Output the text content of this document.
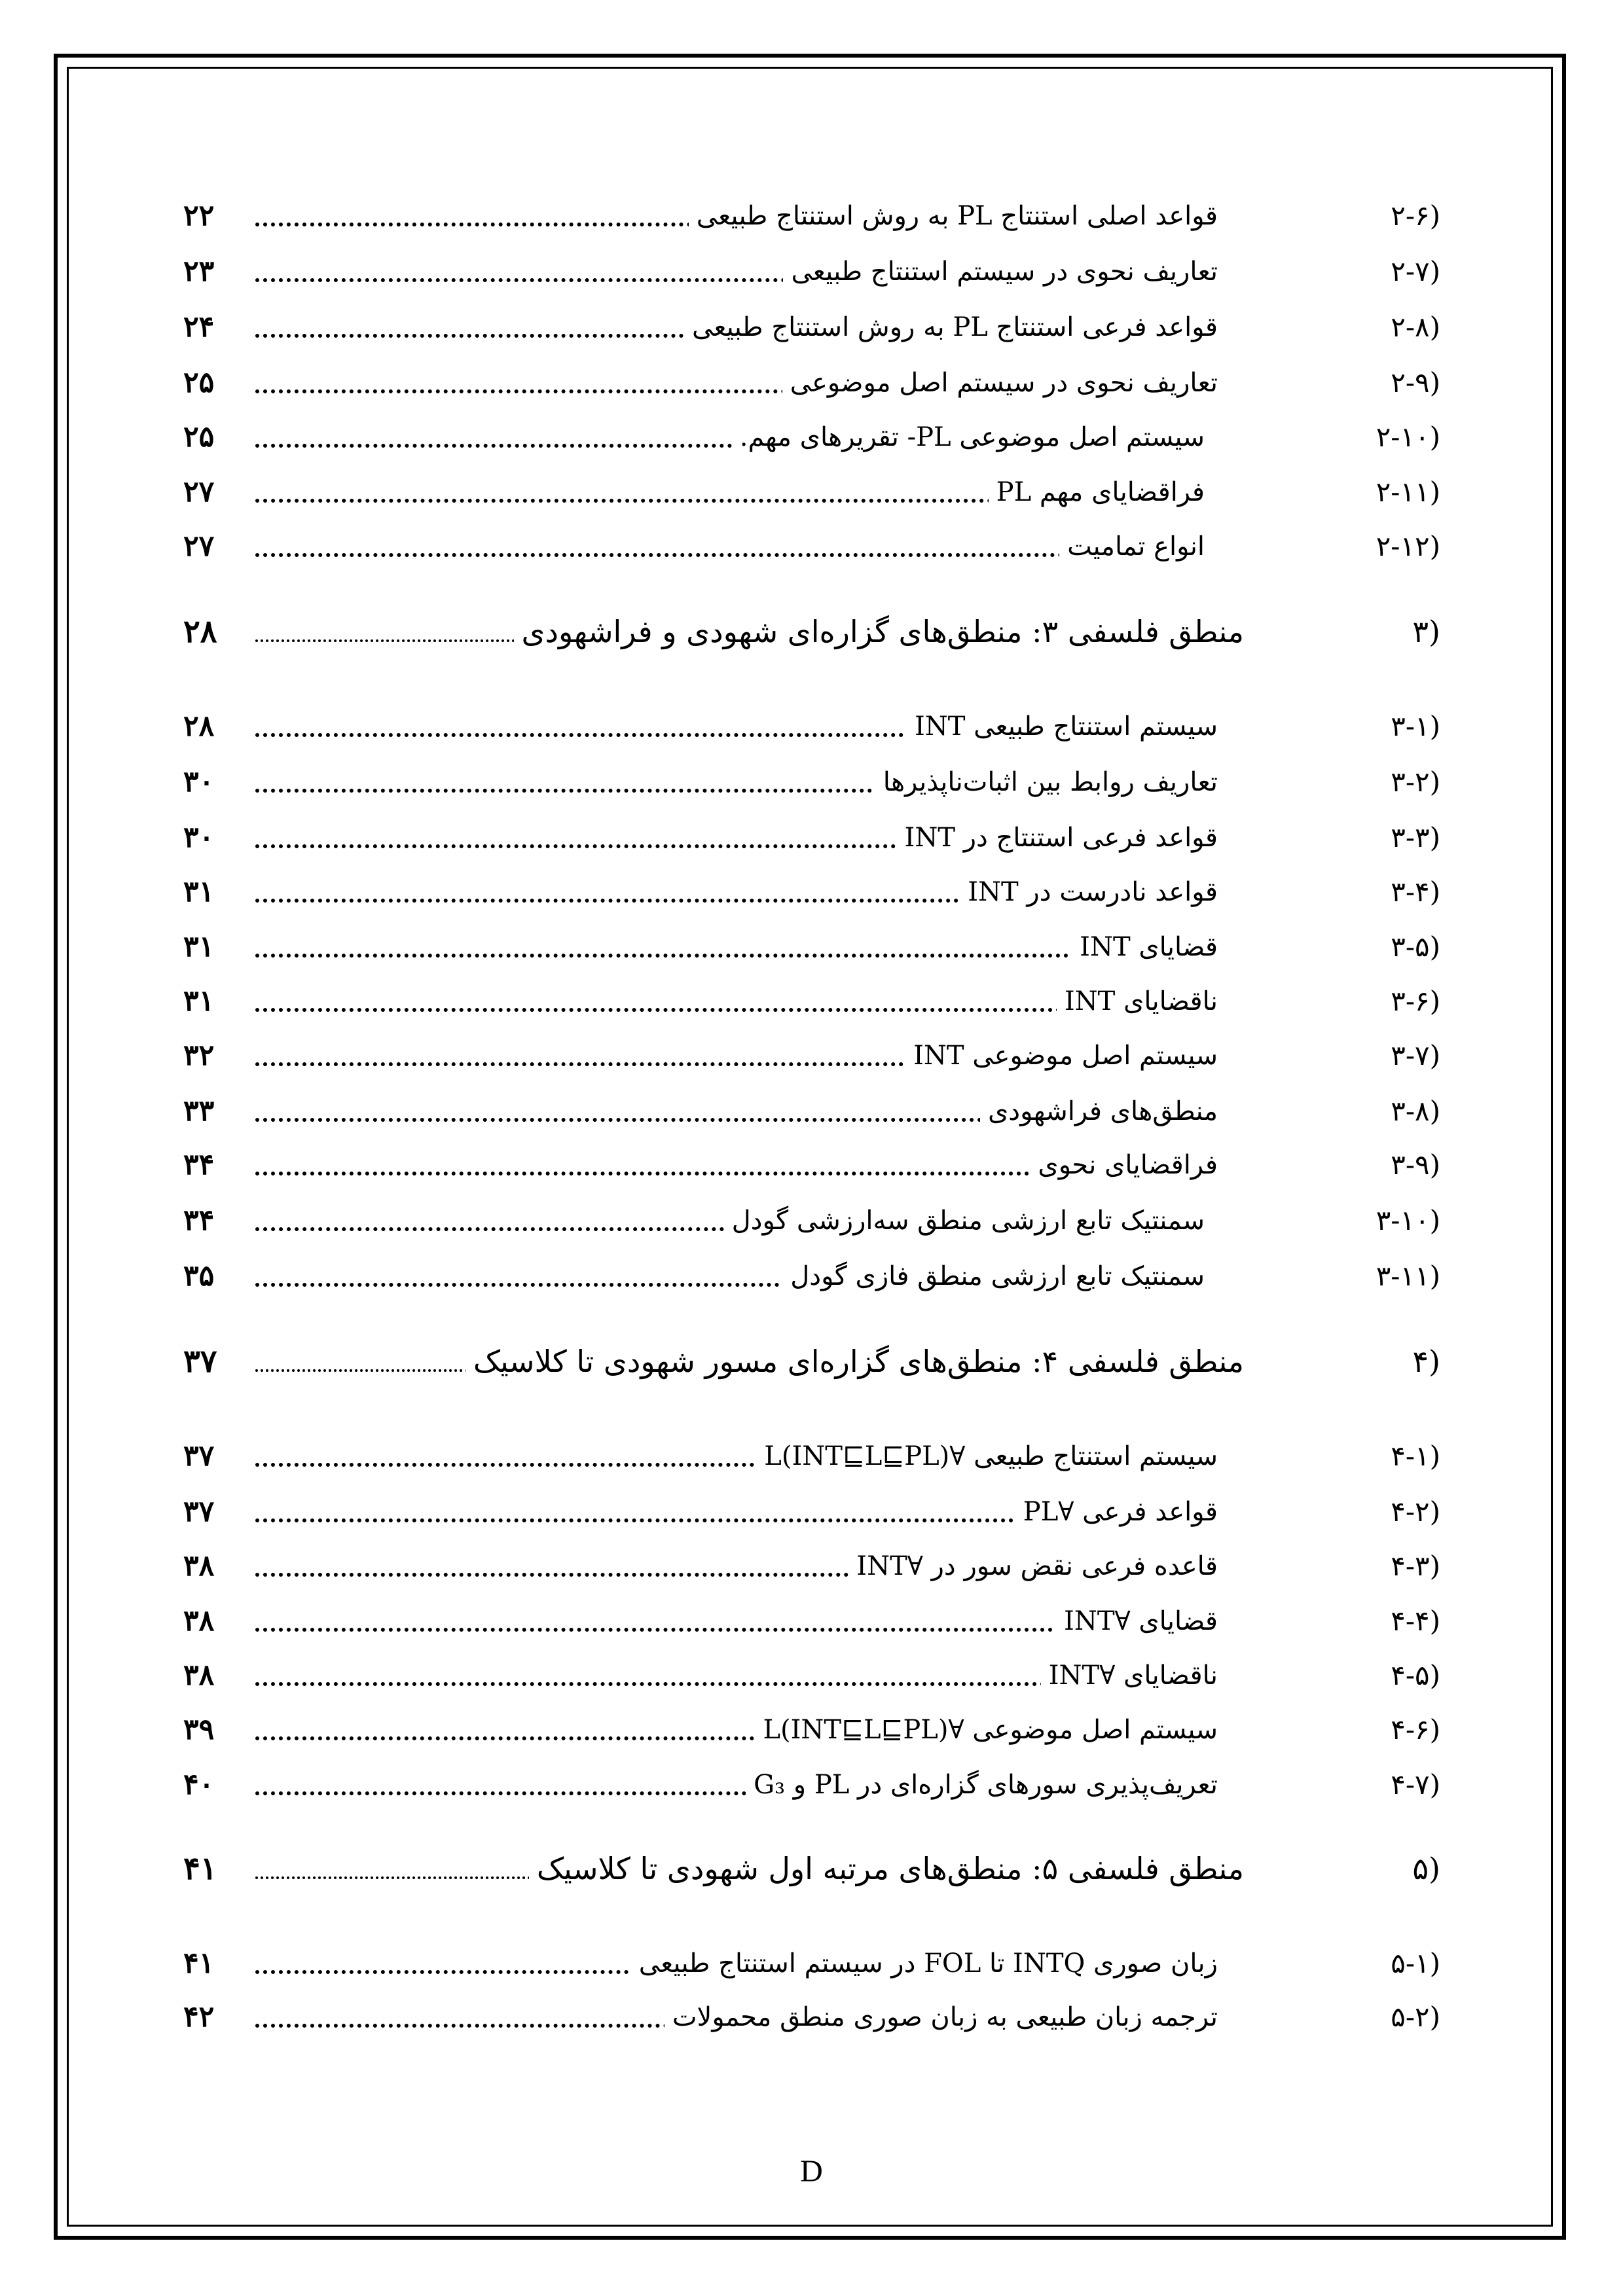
۲-۶)
قواعد اصلی استنتاج PL به روش استنتاج طبیعی
۲۲
۲-۷)
تعاریف نحوی در سیستم استنتاج طبیعی
۲۳
۲-۸)
قواعد فرعی استنتاج PL به روش استنتاج طبیعی
۲۴
۲-۹)
تعاریف نحوی در سیستم اصل موضوعی
۲۵
۲-۱۰)
سیستم اصل موضوعی PL- تقریرهای مهم.
۲۵
۲-۱۱)
فراقضایای مهم PL
۲۷
۲-۱۲)
انواع تمامیت
۲۷
۳)
منطق فلسفی ۳: منطق‌های گزاره‌ای شهودی و فراشهودی
۲۸
۳-۱)
سیستم استنتاج طبیعی INT
۲۸
۳-۲)
تعاریف روابط بین اثبات‌ناپذیرها
۳۰
۳-۳)
قواعد فرعی استنتاج در INT
۳۰
۳-۴)
قواعد نادرست در INT
۳۱
۳-۵)
قضایای INT
۳۱
۳-۶)
ناقضایای INT
۳۱
۳-۷)
سیستم اصل موضوعی INT
۳۲
۳-۸)
منطق‌های فراشهودی
۳۳
۳-۹)
فراقضایای نحوی
۳۴
۳-۱۰)
سمنتیک تابع ارزشی منطق سه‌ارزشی گودل
۳۴
۳-۱۱)
سمنتیک تابع ارزشی منطق فازی گودل
۳۵
۴)
منطق فلسفی ۴: منطق‌های گزاره‌ای مسور شهودی تا کلاسیک
۳۷
۴-۱)
سیستم استنتاج طبیعی ∀L(INT⊑L⊑PL)
۳۷
۴-۲)
قواعد فرعی ∀PL
۳۷
۴-۳)
قاعده فرعی نقض سور در ∀INT
۳۸
۴-۴)
قضایای ∀INT
۳۸
۴-۵)
ناقضایای ∀INT
۳۸
۴-۶)
سیستم اصل موضوعی ∀L(INT⊑L⊑PL)
۳۹
۴-۷)
تعریف‌پذیری سورهای گزاره‌ای در PL و G₃
۴۰
۵)
منطق فلسفی ۵: منطق‌های مرتبه اول شهودی تا کلاسیک
۴۱
۵-۱)
زبان صوری INTQ تا FOL در سیستم استنتاج طبیعی
۴۱
۵-۲)
ترجمه زبان طبیعی به زبان صوری منطق محمولات
۴۲
D
